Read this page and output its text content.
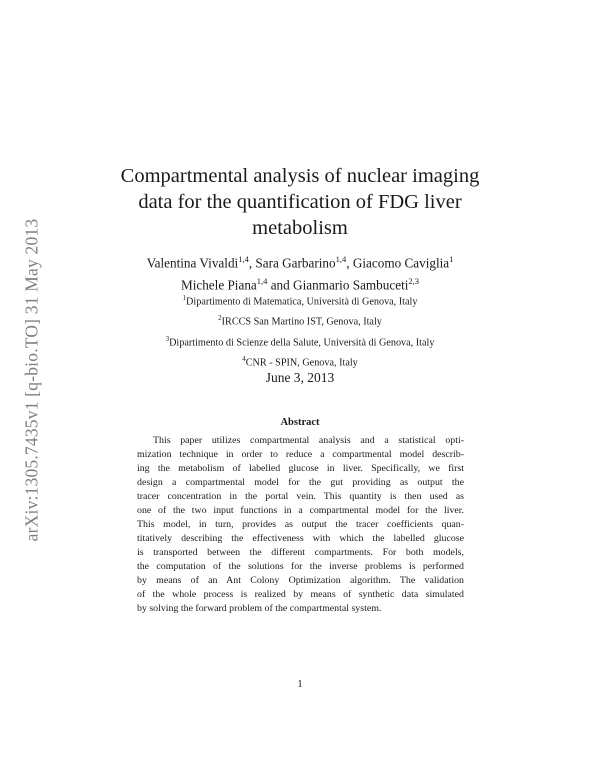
arXiv:1305.7435v1 [q-bio.TO] 31 May 2013
Compartmental analysis of nuclear imaging
data for the quantification of FDG liver
metabolism
Valentina Vivaldi$^{1,4}$, Sara Garbarino$^{1,4}$, Giacomo Caviglia$^1$
Michele Piana$^{1,4}$ and Gianmario Sambuceti$^{2,3}$
$^1$Dipartimento di Matematica, Università di Genova, Italy
$^2$IRCCS San Martino IST, Genova, Italy
$^3$Dipartimento di Scienze della Salute, Università di Genova, Italy
$^4$CNR - SPIN, Genova, Italy
June 3, 2013
Abstract
This paper utilizes compartmental analysis and a statistical opti-
mization technique in order to reduce a compartmental model describ-
ing the metabolism of labelled glucose in liver. Specifically, we first
design a compartmental model for the gut providing as output the
tracer concentration in the portal vein. This quantity is then used as
one of the two input functions in a compartmental model for the liver.
This model, in turn, provides as output the tracer coefficients quan-
titatively describing the effectiveness with which the labelled glucose
is transported between the different compartments. For both models,
the computation of the solutions for the inverse problems is performed
by means of an Ant Colony Optimization algorithm. The validation
of the whole process is realized by means of synthetic data simulated
by solving the forward problem of the compartmental system.
1
